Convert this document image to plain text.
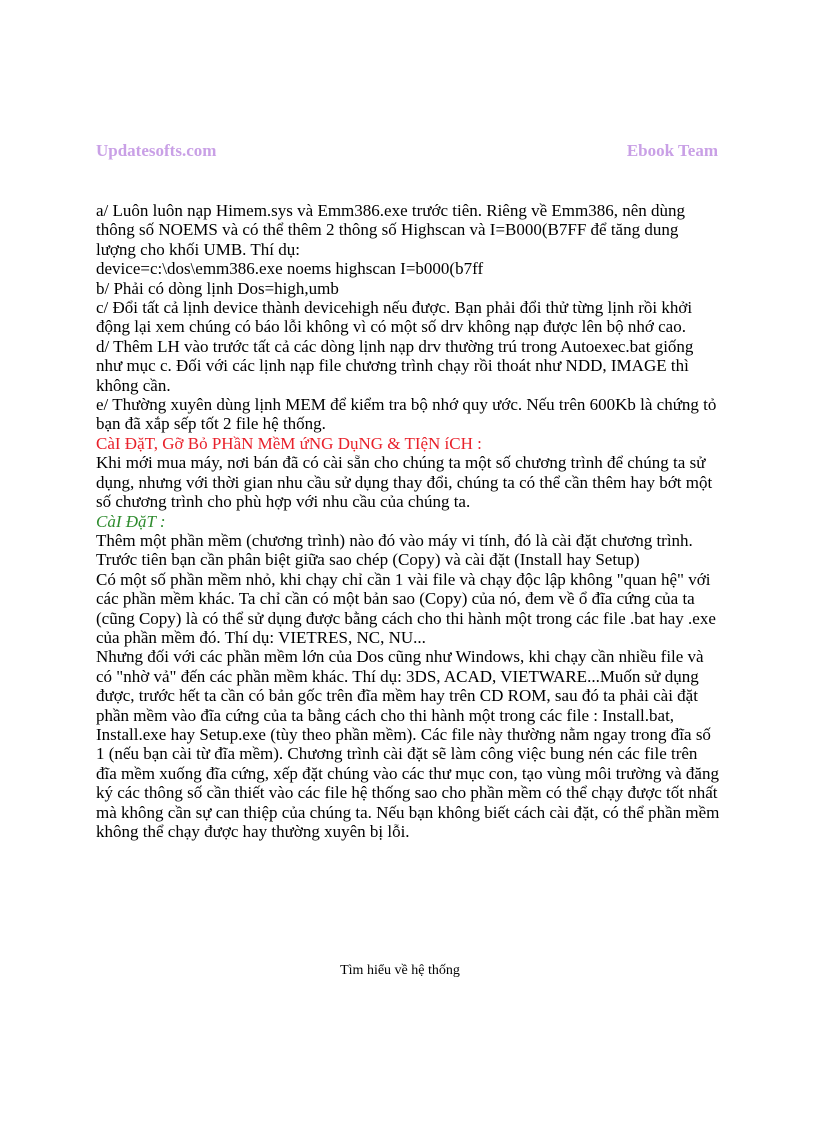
Updatesofts.com	Ebook Team

a/ Luôn luôn nạp Himem.sys và Emm386.exe trước tiên. Riêng về Emm386, nên dùng thông số NOEMS và có thể thêm 2 thông số Highscan và I=B000(B7FF để tăng dung lượng cho khối UMB. Thí dụ:

device=c:\dos\emm386.exe noems highscan I=b000(b7ff

b/ Phải có dòng lịnh Dos=high,umb

c/ Đổi tất cả lịnh device thành devicehigh nếu được. Bạn phải đổi thử từng lịnh rồi khởi động lại xem chúng có báo lỗi không vì có một số drv không nạp được lên bộ nhớ cao.

d/ Thêm LH vào trước tất cả các dòng lịnh nạp drv thường trú trong Autoexec.bat giống như mục c. Đối với các lịnh nạp file chương trình chạy rồi thoát như NDD, IMAGE thì không cần.

e/ Thường xuyên dùng lịnh MEM để kiểm tra bộ nhớ quy ước. Nếu trên 600Kb là chứng tỏ bạn đã xắp sếp tốt 2 file hệ thống.

CàI ĐặT, Gỡ Bỏ PHầN MềM ứNG DụNG & TIệN íCH :

Khi mới mua máy, nơi bán đã có cài sẵn cho chúng ta một số chương trình để chúng ta sử dụng, nhưng với thời gian nhu cầu sử dụng thay đổi, chúng ta có thể cần thêm hay bớt một số chương trình cho phù hợp với nhu cầu của chúng ta.

CàI ĐặT :

Thêm một phần mềm (chương trình) nào đó vào máy vi tính, đó là cài đặt chương trình. Trước tiên bạn cần phân biệt giữa sao chép (Copy) và cài đặt (Install hay Setup)

Có một số phần mềm nhỏ, khi chạy chỉ cần 1 vài file và chạy độc lập không "quan hệ" với các phần mềm khác. Ta chỉ cần có một bản sao (Copy) của nó, đem về ổ đĩa cứng của ta (cũng Copy) là có thể sử dụng được bằng cách cho thi hành một trong các file .bat hay .exe của phần mềm đó. Thí dụ: VIETRES, NC, NU...

Nhưng đối với các phần mềm lớn của Dos cũng như Windows, khi chạy cần nhiều file và có "nhờ vả" đến các phần mềm khác. Thí dụ: 3DS, ACAD, VIETWARE...Muốn sử dụng được, trước hết ta cần có bản gốc trên đĩa mềm hay trên CD ROM, sau đó ta phải cài đặt phần mềm vào đĩa cứng của ta bằng cách cho thi hành một trong các file : Install.bat, Install.exe hay Setup.exe (tùy theo phần mềm). Các file này thường nằm ngay trong đĩa số 1 (nếu bạn cài từ đĩa mềm). Chương trình cài đặt sẽ làm công việc bung nén các file trên đĩa mềm xuống đĩa cứng, xếp đặt chúng vào các thư mục con, tạo vùng môi trường và đăng ký các thông số cần thiết vào các file hệ thống sao cho phần mềm có thể chạy được tốt nhất mà không cần sự can thiệp của chúng ta. Nếu bạn không biết cách cài đặt, có thể phần mềm không thể chạy được hay thường xuyên bị lỗi.

Tìm hiểu về hệ thống
